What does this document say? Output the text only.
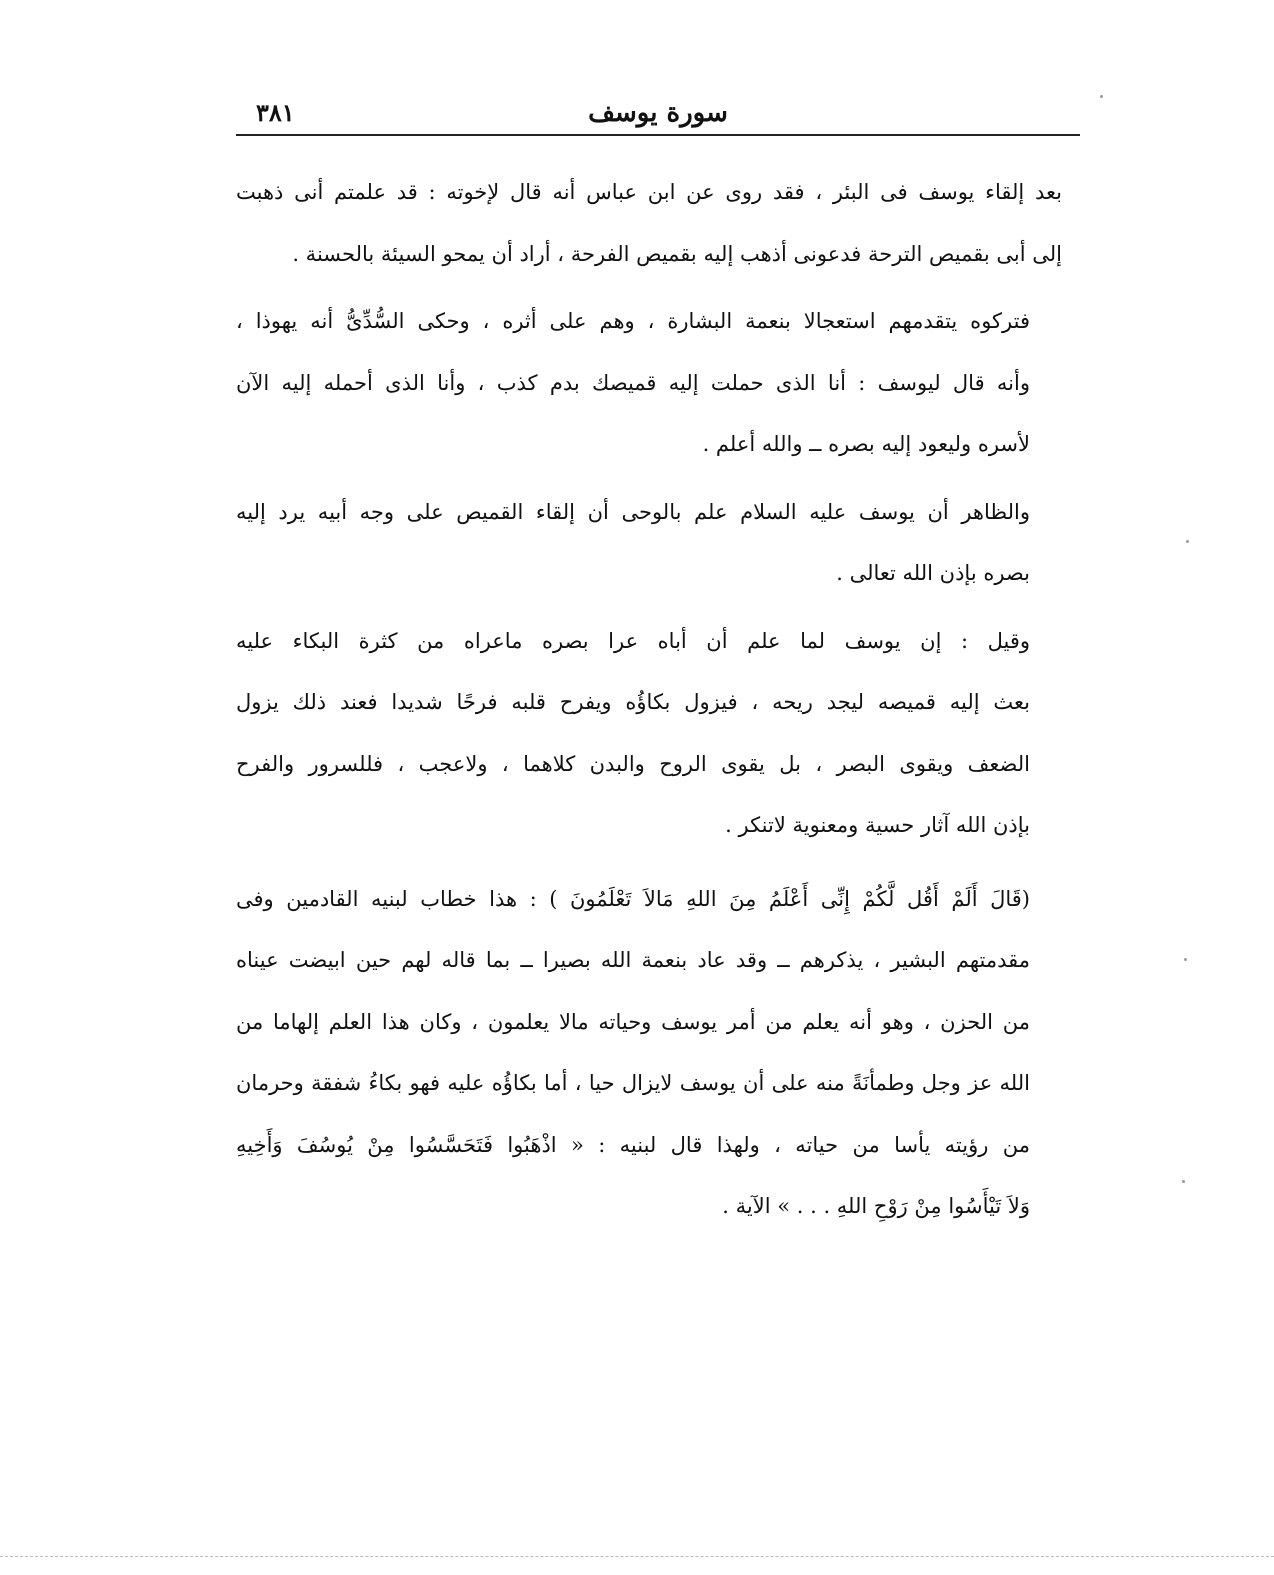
سورة يوسف
٣٨١

بعد إلقاء يوسف فى البئر ، فقد روى عن ابن عباس أنه قال لإخوته : قد علمتم أنى ذهبت
إلى أبى بقميص الترحة فدعونى أذهب إليه بقميص الفرحة ، أراد أن يمحو السيئة بالحسنة .

فتركوه يتقدمهم استعجالا بنعمة البشارة ، وهم على أثره ، وحكى السُّدِّىُّ أنه يهوذا ،
وأنه قال ليوسف : أنا الذى حملت إليه قميصك بدم كذب ، وأنا الذى أحمله إليه الآن
لأسره وليعود إليه بصره ــ والله أعلم .

والظاهر أن يوسف عليه السلام علم بالوحى أن إلقاء القميص على وجه أبيه يرد إليه
بصره بإذن الله تعالى .

وقيل : إن يوسف لما علم أن أباه عرا بصره ماعراه من كثرة البكاء عليه
بعث إليه قميصه ليجد ريحه ، فيزول بكاؤُه ويفرح قلبه فرحًا شديدا فعند ذلك يزول
الضعف ويقوى البصر ، بل يقوى الروح والبدن كلاهما ، ولاعجب ، فللسرور والفرح
بإذن الله آثار حسية ومعنوية لاتنكر .

(قَالَ أَلَمْ أَقُل لَّكُمْ إِنِّى أَعْلَمُ مِنَ اللهِ مَالاَ تَعْلَمُونَ ) : هذا خطاب لبنيه القادمين وفى
مقدمتهم البشير ، يذكرهم ــ وقد عاد بنعمة الله بصيرا ــ بما قاله لهم حين ابيضت عيناه
من الحزن ، وهو أنه يعلم من أمر يوسف وحياته مالا يعلمون ، وكان هذا العلم إلهاما من
الله عز وجل وطمأنَةً منه على أن يوسف لايزال حيا ، أما بكاؤُه عليه فهو بكاءُ شفقة وحرمان
من رؤيته يأسا من حياته ، ولهذا قال لبنيه : « اذْهَبُوا فَتَحَسَّسُوا مِنْ يُوسُفَ وَأَخِيهِ
وَلاَ تَيْأَسُوا مِنْ رَوْحِ اللهِ . . . » الآية .
